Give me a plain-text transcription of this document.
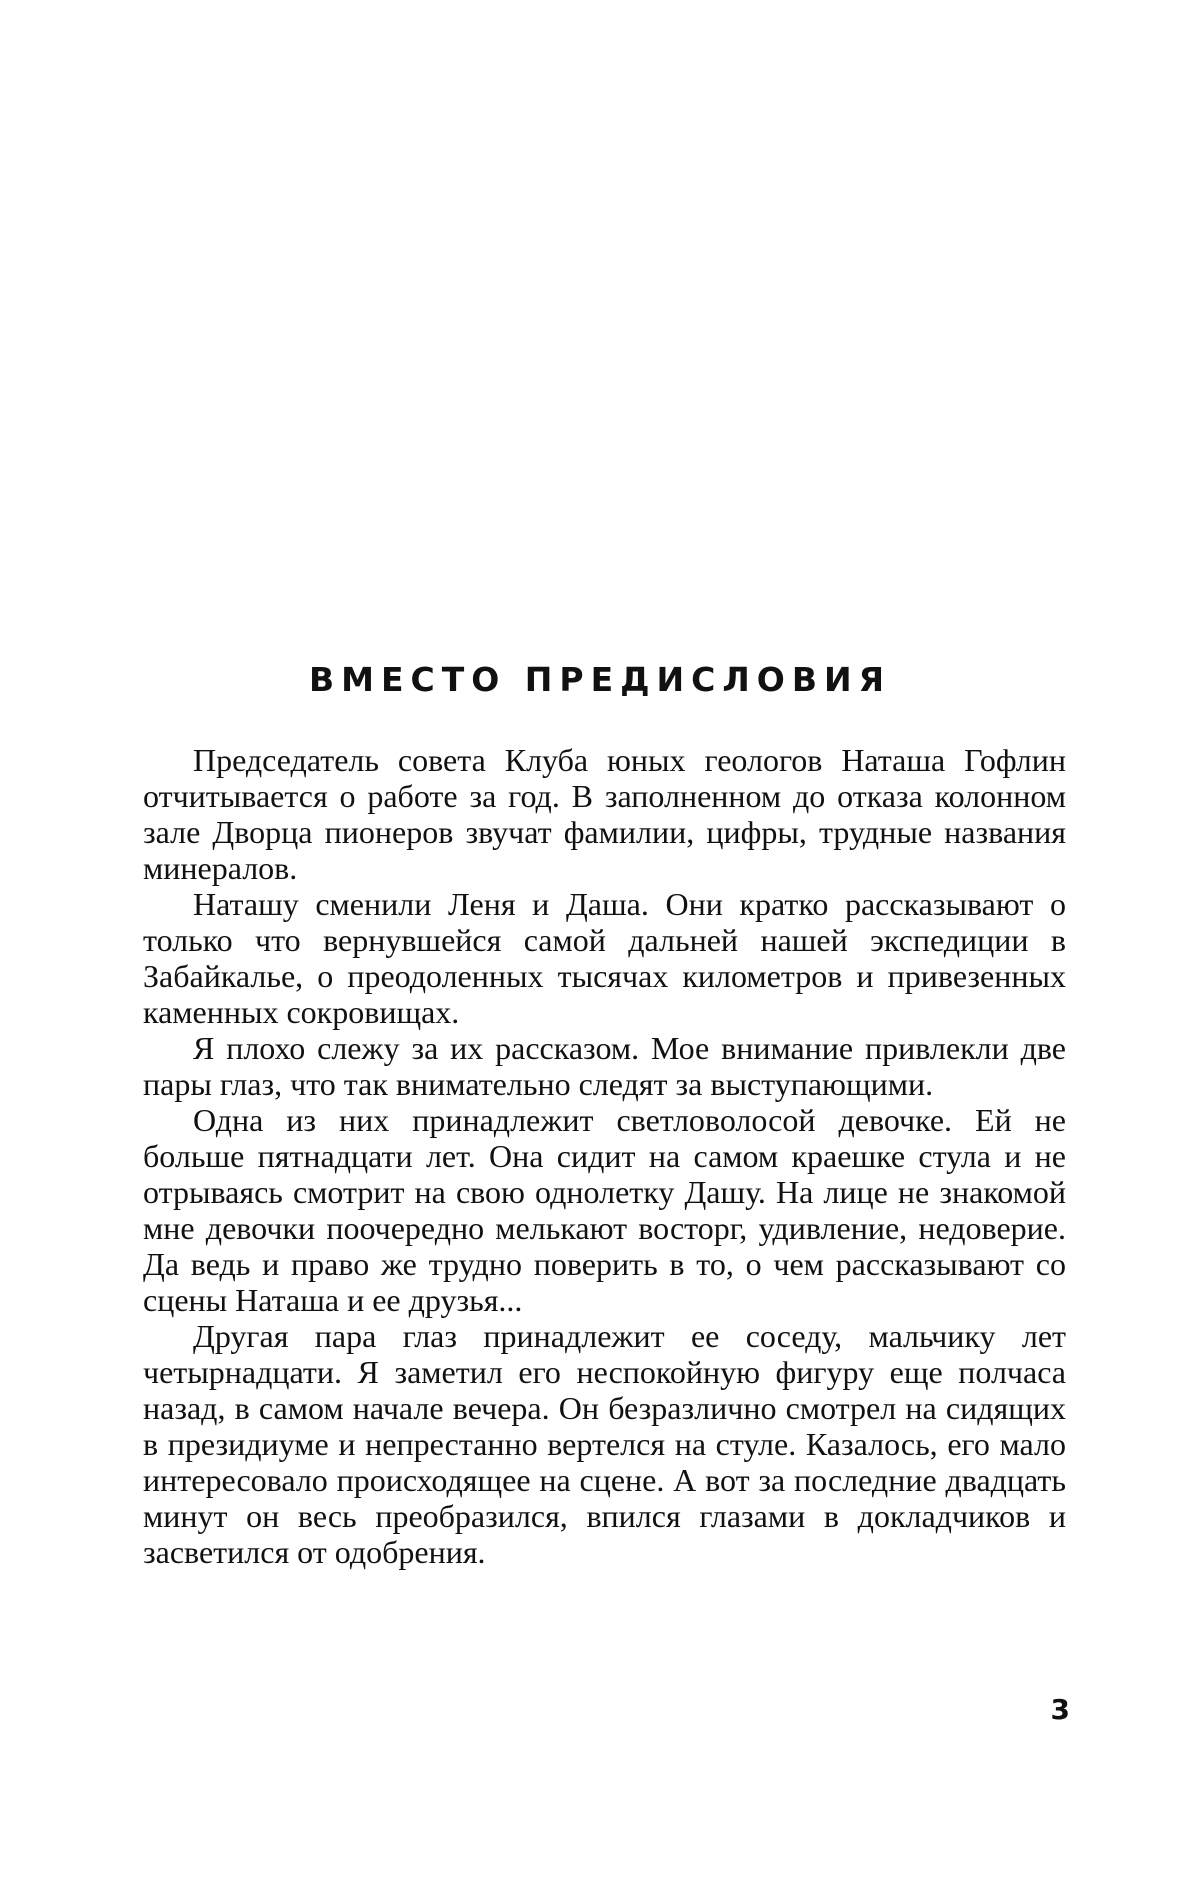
ВМЕСТО ПРЕДИСЛОВИЯ

Председатель совета Клуба юных геологов Наташа Гофлин отчитывается о работе за год. В заполненном до отказа колонном зале Дворца пионеров звучат фамилии, цифры, трудные названия минералов.

Наташу сменили Леня и Даша. Они кратко расска­зывают о только что вернувшейся самой дальней нашей экспедиции в Забайкалье, о преодоленных тысячах кило­метров и привезенных каменных сокровищах.

Я плохо слежу за их рассказом. Мое внимание при­влекли две пары глаз, что так внимательно следят за выступающими.

Одна из них принадлежит светловолосой девочке. Ей не больше пятнадцати лет. Она сидит на самом краешке стула и не отрываясь смотрит на свою однолет­ку Дашу. На лице не знакомой мне девочки поочередно мелькают восторг, удивление, недоверие. Да ведь и пра­во же трудно поверить в то, о чем рассказывают со сцены Наташа и ее друзья...

Другая пара глаз принадлежит ее соседу, мальчику лет четырнадцати. Я заметил его неспокойную фигуру еще полчаса назад, в самом начале вечера. Он безраз­лично смотрел на сидящих в президиуме и непрестанно вертелся на стуле. Казалось, его мало интересовало про­исходящее на сцене. А вот за последние двадцать минут он весь преобразился, впился глазами в докладчиков и засветился от одобрения.

3
